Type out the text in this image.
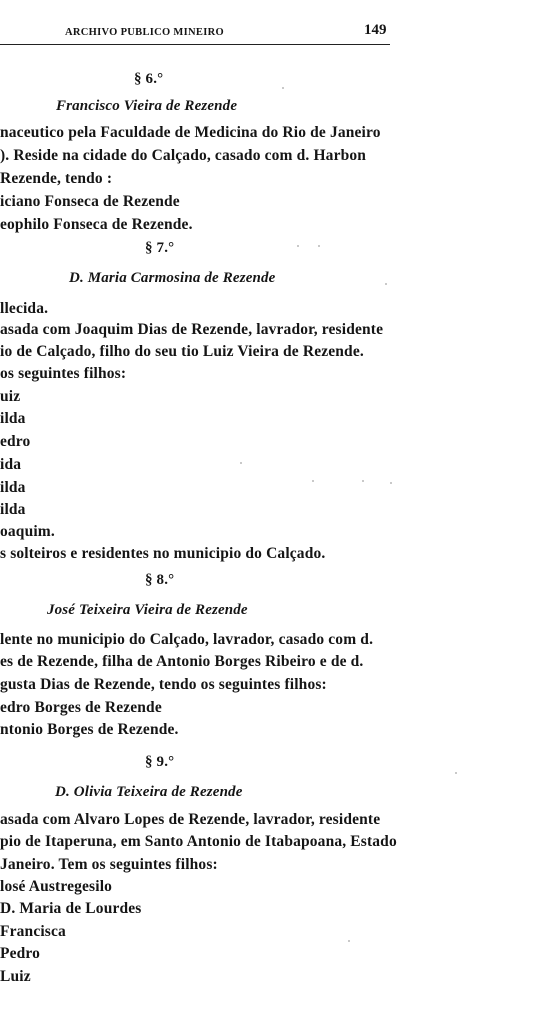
ARCHIVO PUBLICO MINEIRO	149
§ 6.°
Francisco Vieira de Rezende
naceutico pela Faculdade de Medicina do Rio de Janeiro
). Reside na cidade do Calçado, casado com d. Harbon
Rezende, tendo :
iciano Fonseca de Rezende
eophilo Fonseca de Rezende.
§ 7.°
D. Maria Carmosina de Rezende
llecida.
asada com Joaquim Dias de Rezende, lavrador, residente
io de Calçado, filho do seu tio Luiz Vieira de Rezende.
os seguintes filhos:
uiz
ilda
edro
ida
ilda
ilda
oaquim.
s solteiros e residentes no municipio do Calçado.
§ 8.°
José Teixeira Vieira de Rezende
lente no municipio do Calçado, lavrador, casado com d.
es de Rezende, filha de Antonio Borges Ribeiro e de d.
gusta Dias de Rezende, tendo os seguintes filhos:
edro Borges de Rezende
ntonio Borges de Rezende.
§ 9.°
D. Olivia Teixeira de Rezende
asada com Alvaro Lopes de Rezende, lavrador, residente
pio de Itaperuna, em Santo Antonio de Itabapoana, Estado
Janeiro. Tem os seguintes filhos:
losé Austregesilo
D. Maria de Lourdes
Francisca
Pedro
Luiz
